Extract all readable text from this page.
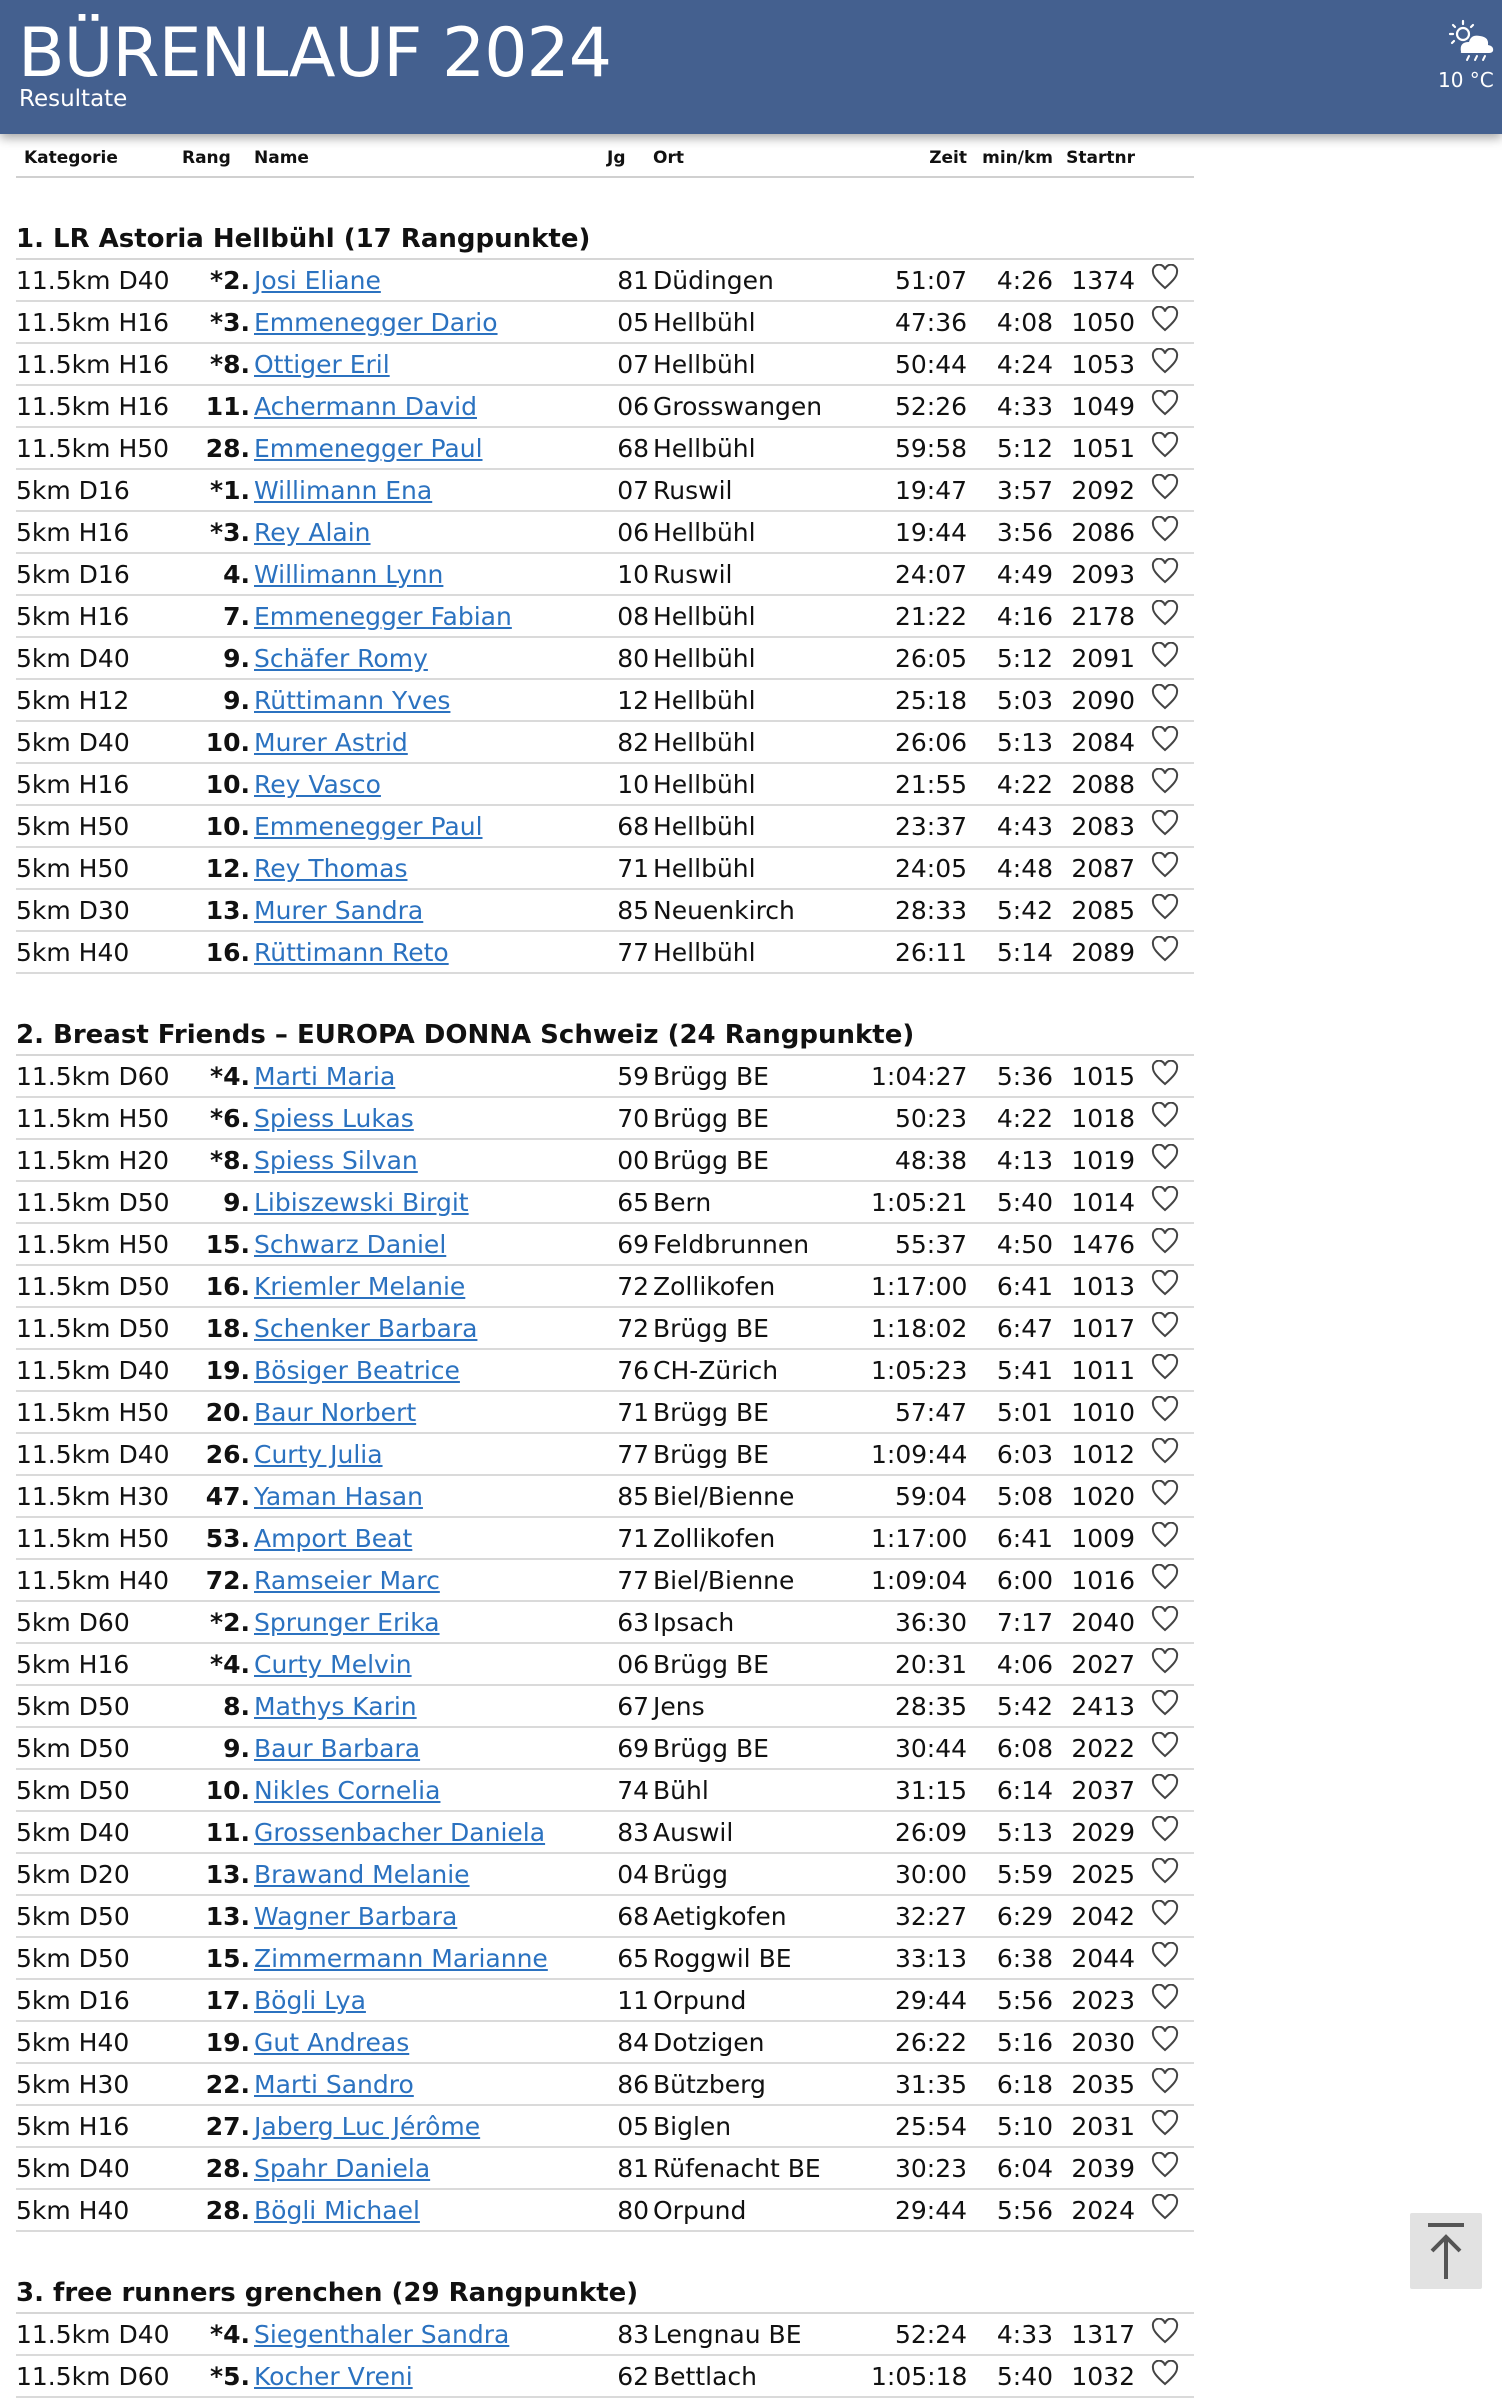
BÜRENLAUF 2024
Resultate
10 °C
Kategorie	Rang	Name	Jg	Ort	Zeit	min/km	Startnr	
1. LR Astoria Hellbühl (17 Rangpunkte)								
11.5km D40	*2.	Josi Eliane	81	Düdingen	51:07	4:26	1374	
11.5km H16	*3.	Emmenegger Dario	05	Hellbühl	47:36	4:08	1050	
11.5km H16	*8.	Ottiger Eril	07	Hellbühl	50:44	4:24	1053	
11.5km H16	11.	Achermann David	06	Grosswangen	52:26	4:33	1049	
11.5km H50	28.	Emmenegger Paul	68	Hellbühl	59:58	5:12	1051	
5km D16	*1.	Willimann Ena	07	Ruswil	19:47	3:57	2092	
5km H16	*3.	Rey Alain	06	Hellbühl	19:44	3:56	2086	
5km D16	4.	Willimann Lynn	10	Ruswil	24:07	4:49	2093	
5km H16	7.	Emmenegger Fabian	08	Hellbühl	21:22	4:16	2178	
5km D40	9.	Schäfer Romy	80	Hellbühl	26:05	5:12	2091	
5km H12	9.	Rüttimann Yves	12	Hellbühl	25:18	5:03	2090	
5km D40	10.	Murer Astrid	82	Hellbühl	26:06	5:13	2084	
5km H16	10.	Rey Vasco	10	Hellbühl	21:55	4:22	2088	
5km H50	10.	Emmenegger Paul	68	Hellbühl	23:37	4:43	2083	
5km H50	12.	Rey Thomas	71	Hellbühl	24:05	4:48	2087	
5km D30	13.	Murer Sandra	85	Neuenkirch	28:33	5:42	2085	
5km H40	16.	Rüttimann Reto	77	Hellbühl	26:11	5:14	2089	
2. Breast Friends – EUROPA DONNA Schweiz (24 Rangpunkte)								
11.5km D60	*4.	Marti Maria	59	Brügg BE	1:04:27	5:36	1015	
11.5km H50	*6.	Spiess Lukas	70	Brügg BE	50:23	4:22	1018	
11.5km H20	*8.	Spiess Silvan	00	Brügg BE	48:38	4:13	1019	
11.5km D50	9.	Libiszewski Birgit	65	Bern	1:05:21	5:40	1014	
11.5km H50	15.	Schwarz Daniel	69	Feldbrunnen	55:37	4:50	1476	
11.5km D50	16.	Kriemler Melanie	72	Zollikofen	1:17:00	6:41	1013	
11.5km D50	18.	Schenker Barbara	72	Brügg BE	1:18:02	6:47	1017	
11.5km D40	19.	Bösiger Beatrice	76	CH-Zürich	1:05:23	5:41	1011	
11.5km H50	20.	Baur Norbert	71	Brügg BE	57:47	5:01	1010	
11.5km D40	26.	Curty Julia	77	Brügg BE	1:09:44	6:03	1012	
11.5km H30	47.	Yaman Hasan	85	Biel/Bienne	59:04	5:08	1020	
11.5km H50	53.	Amport Beat	71	Zollikofen	1:17:00	6:41	1009	
11.5km H40	72.	Ramseier Marc	77	Biel/Bienne	1:09:04	6:00	1016	
5km D60	*2.	Sprunger Erika	63	Ipsach	36:30	7:17	2040	
5km H16	*4.	Curty Melvin	06	Brügg BE	20:31	4:06	2027	
5km D50	8.	Mathys Karin	67	Jens	28:35	5:42	2413	
5km D50	9.	Baur Barbara	69	Brügg BE	30:44	6:08	2022	
5km D50	10.	Nikles Cornelia	74	Bühl	31:15	6:14	2037	
5km D40	11.	Grossenbacher Daniela	83	Auswil	26:09	5:13	2029	
5km D20	13.	Brawand Melanie	04	Brügg	30:00	5:59	2025	
5km D50	13.	Wagner Barbara	68	Aetigkofen	32:27	6:29	2042	
5km D50	15.	Zimmermann Marianne	65	Roggwil BE	33:13	6:38	2044	
5km D16	17.	Bögli Lya	11	Orpund	29:44	5:56	2023	
5km H40	19.	Gut Andreas	84	Dotzigen	26:22	5:16	2030	
5km H30	22.	Marti Sandro	86	Bützberg	31:35	6:18	2035	
5km H16	27.	Jaberg Luc Jérôme	05	Biglen	25:54	5:10	2031	
5km D40	28.	Spahr Daniela	81	Rüfenacht BE	30:23	6:04	2039	
5km H40	28.	Bögli Michael	80	Orpund	29:44	5:56	2024	
3. free runners grenchen (29 Rangpunkte)								
11.5km D40	*4.	Siegenthaler Sandra	83	Lengnau BE	52:24	4:33	1317	
11.5km D60	*5.	Kocher Vreni	62	Bettlach	1:05:18	5:40	1032	
